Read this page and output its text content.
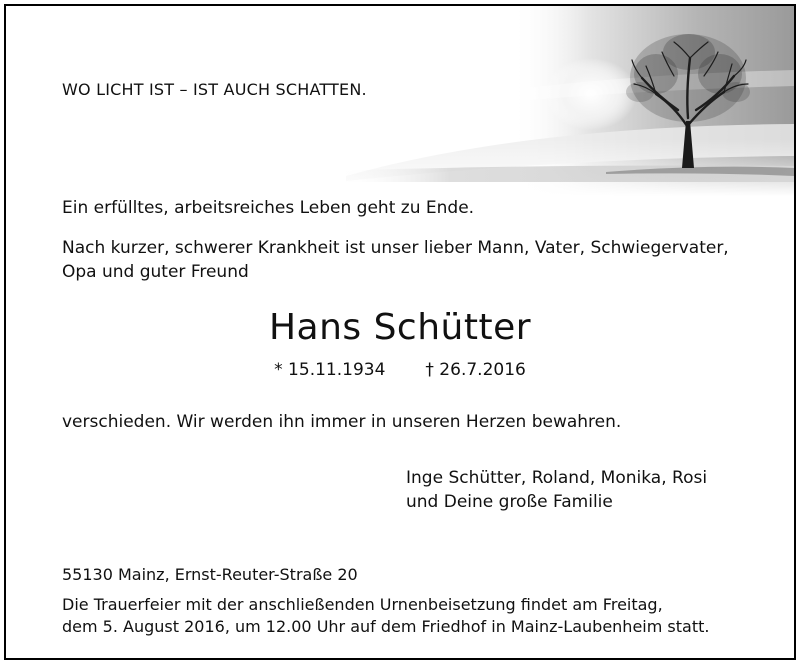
WO LICHT IST – IST AUCH SCHATTEN.
Ein erfülltes, arbeitsreiches Leben geht zu Ende.
Nach kurzer, schwerer Krankheit ist unser lieber Mann, Vater, Schwiegervater,
Opa und guter Freund
Hans Schütter
* 15.11.1934 † 26.7.2016
verschieden. Wir werden ihn immer in unseren Herzen bewahren.
Inge Schütter, Roland, Monika, Rosi
und Deine große Familie
55130 Mainz, Ernst-Reuter-Straße 20
Die Trauerfeier mit der anschließenden Urnenbeisetzung findet am Freitag,
dem 5. August 2016, um 12.00 Uhr auf dem Friedhof in Mainz-Laubenheim statt.
